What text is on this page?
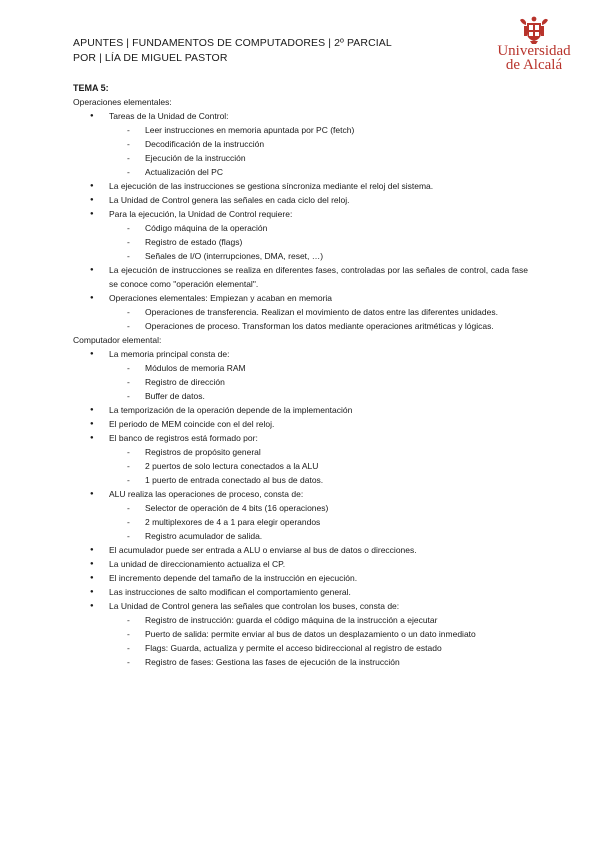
APUNTES | FUNDAMENTOS DE COMPUTADORES | 2º PARCIAL
POR | LÍA DE MIGUEL PASTOR	Universidad
de Alcalá

TEMA 5:

Operaciones elementales:

● Tareas de la Unidad de Control:
- Leer instrucciones en memoria apuntada por PC (fetch)
- Decodificación de la instrucción
- Ejecución de la instrucción
- Actualización del PC
● La ejecución de las instrucciones se gestiona síncroniza mediante el reloj del sistema.
● La Unidad de Control genera las señales en cada ciclo del reloj.
● Para la ejecución, la Unidad de Control requiere:
- Código máquina de la operación
- Registro de estado (flags)
- Señales de I/O (interrupciones, DMA, reset, …)
● La ejecución de instrucciones se realiza en diferentes fases, controladas por las señales de control, cada fase se conoce como "operación elemental".
● Operaciones elementales: Empiezan y acaban en memoria
- Operaciones de transferencia. Realizan el movimiento de datos entre las diferentes unidades.
- Operaciones de proceso. Transforman los datos mediante operaciones aritméticas y lógicas.

Computador elemental:

● La memoria principal consta de:
- Módulos de memoria RAM
- Registro de dirección
- Buffer de datos.
● La temporización de la operación depende de la implementación
● El periodo de MEM coincide con el del reloj.
● El banco de registros está formado por:
- Registros de propósito general
- 2 puertos de solo lectura conectados a la ALU
- 1 puerto de entrada conectado al bus de datos.
● ALU realiza las operaciones de proceso, consta de:
- Selector de operación de 4 bits (16 operaciones)
- 2 multiplexores de 4 a 1 para elegir operandos
- Registro acumulador de salida.
● El acumulador puede ser entrada a ALU o enviarse al bus de datos o direcciones.
● La unidad de direccionamiento actualiza el CP.
● El incremento depende del tamaño de la instrucción en ejecución.
● Las instrucciones de salto modifican el comportamiento general.
● La Unidad de Control genera las señales que controlan los buses, consta de:
- Registro de instrucción: guarda el código máquina de la instrucción a ejecutar
- Puerto de salida: permite enviar al bus de datos un desplazamiento o un dato inmediato
- Flags: Guarda, actualiza y permite el acceso bidireccional al registro de estado
- Registro de fases: Gestiona las fases de ejecución de la instrucción
